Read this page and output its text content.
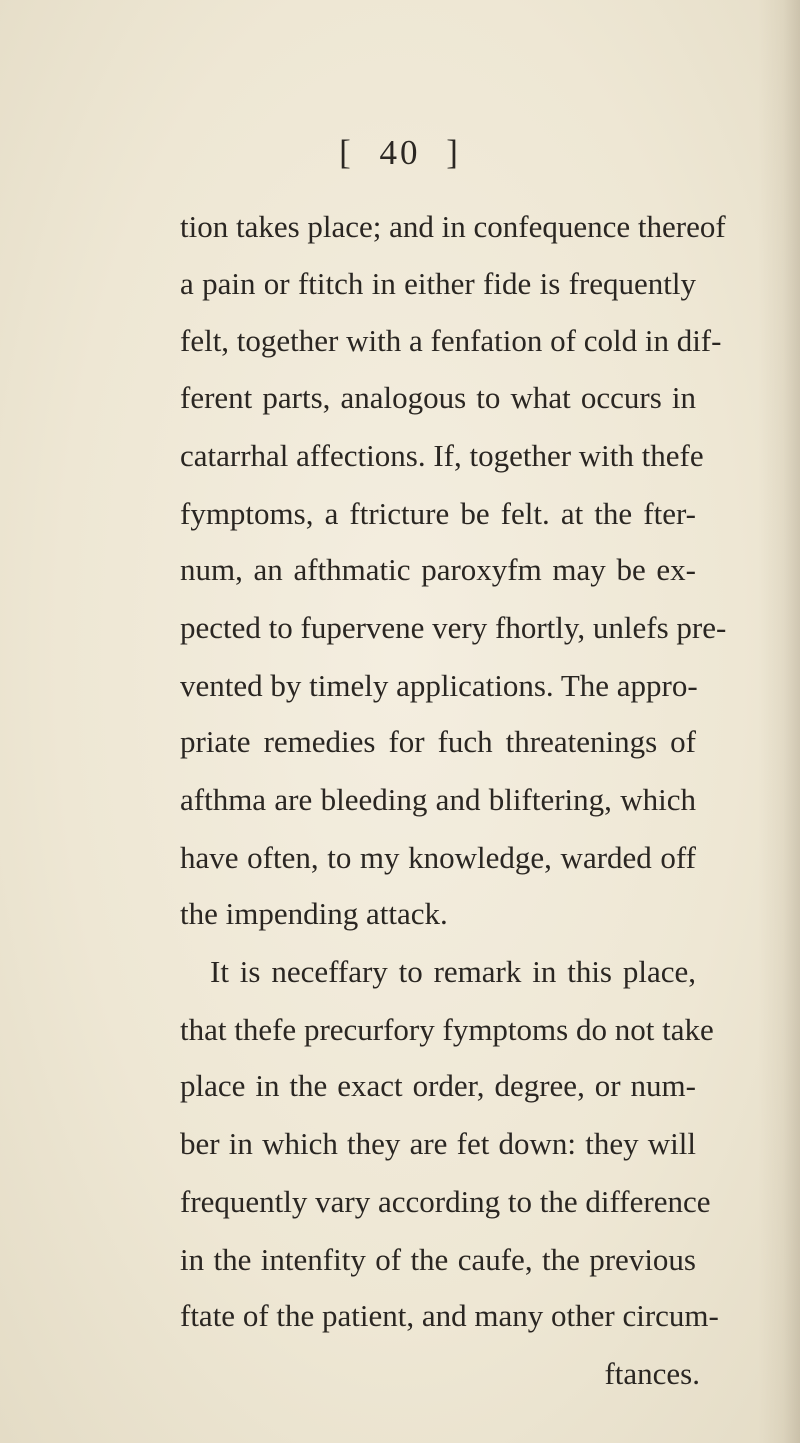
[ 40 ]
tion takes place; and in confequence thereof
a pain or ftitch in either fide is frequently
felt, together with a fenfation of cold in dif-
ferent parts, analogous to what occurs in
catarrhal affections. If, together with thefe
fymptoms, a ftricture be felt. at the fter-
num, an afthmatic paroxyfm may be ex-
pected to fupervene very fhortly, unlefs pre-
vented by timely applications. The appro-
priate remedies for fuch threatenings of
afthma are bleeding and bliftering, which
have often, to my knowledge, warded off
the impending attack.
It is neceffary to remark in this place,
that thefe precurfory fymptoms do not take
place in the exact order, degree, or num-
ber in which they are fet down: they will
frequently vary according to the difference
in the intenfity of the caufe, the previous
ftate of the patient, and many other circum-
ftances.
